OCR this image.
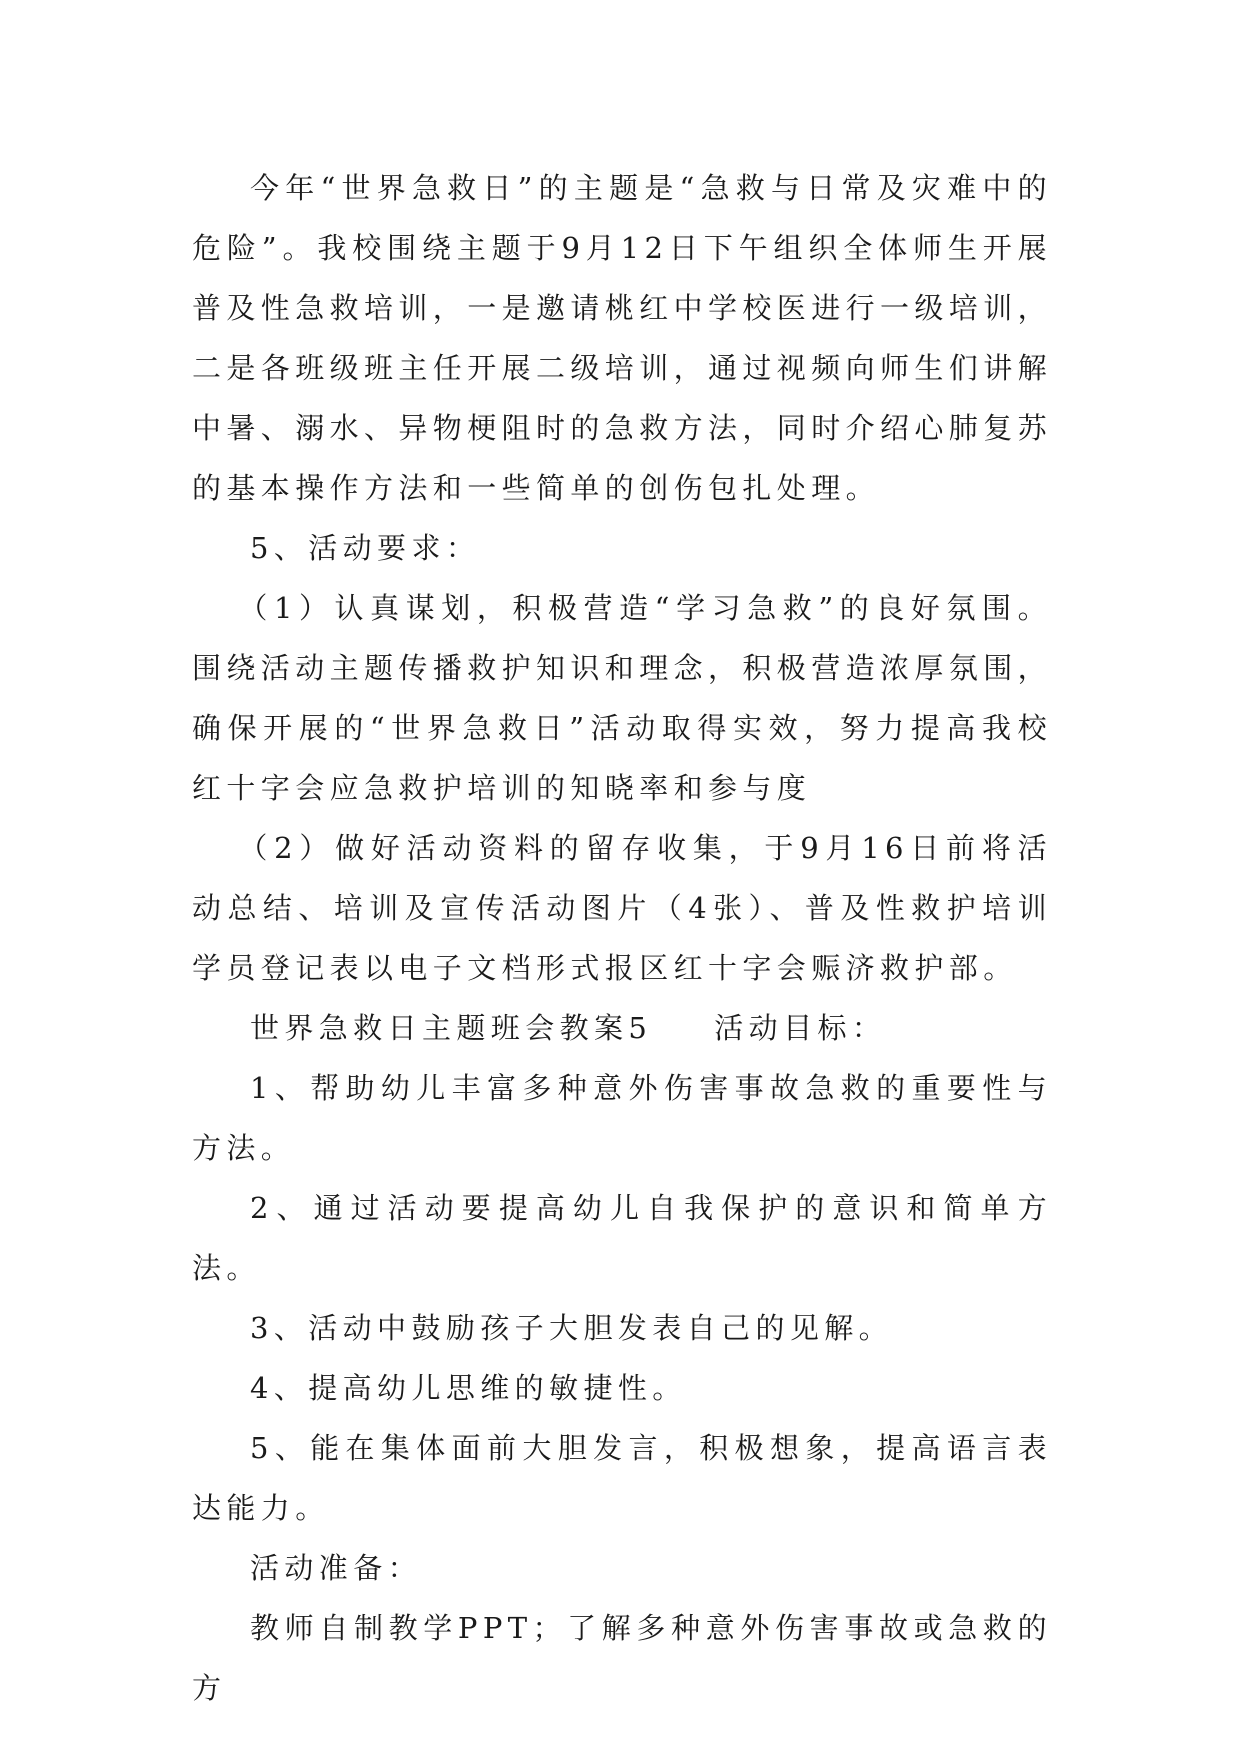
今年“世界急救日”的主题是“急救与日常及灾难中的危险”。我校围绕主题于9月12日下午组织全体师生开展普及性急救培训，一是邀请桃红中学校医进行一级培训，二是各班级班主任开展二级培训，通过视频向师生们讲解中暑、溺水、异物梗阻时的急救方法，同时介绍心肺复苏的基本操作方法和一些简单的创伤包扎处理。

5、活动要求：

（1）认真谋划，积极营造“学习急救”的良好氛围。围绕活动主题传播救护知识和理念，积极营造浓厚氛围，确保开展的“世界急救日”活动取得实效，努力提高我校红十字会应急救护培训的知晓率和参与度

（2）做好活动资料的留存收集，于9月16日前将活动总结、培训及宣传活动图片（4张）、普及性救护培训学员登记表以电子文档形式报区红十字会赈济救护部。

世界急救日主题班会教案5 活动目标：

1、帮助幼儿丰富多种意外伤害事故急救的重要性与方法。

2、通过活动要提高幼儿自我保护的意识和简单方法。

3、活动中鼓励孩子大胆发表自己的见解。

4、提高幼儿思维的敏捷性。

5、能在集体面前大胆发言，积极想象，提高语言表达能力。

活动准备：

教师自制教学PPT；了解多种意外伤害事故或急救的方
